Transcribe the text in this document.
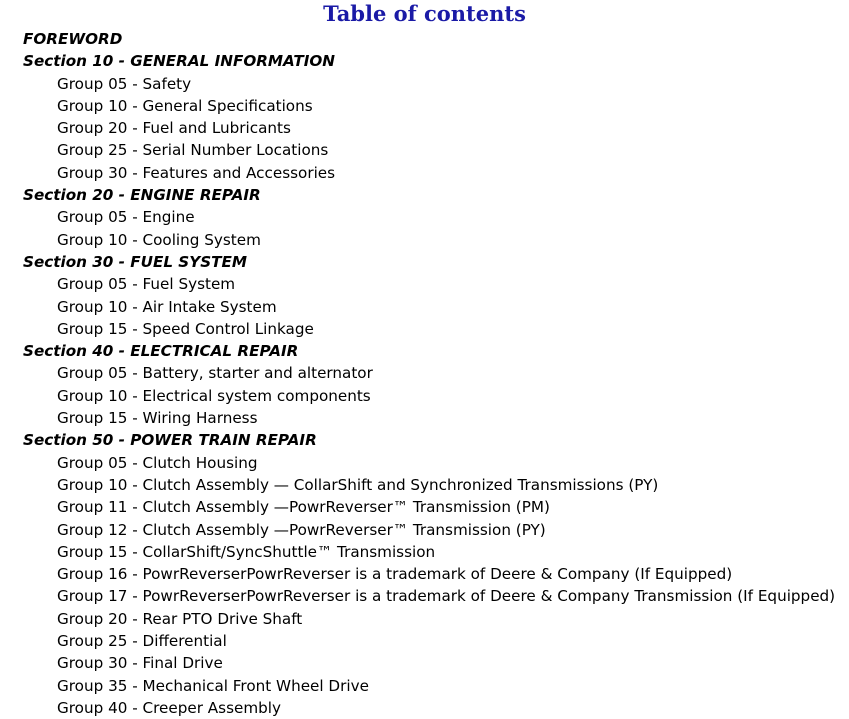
Table of contents
FOREWORD
Section 10 - GENERAL INFORMATION
Group 05 - Safety
Group 10 - General Specifications
Group 20 - Fuel and Lubricants
Group 25 - Serial Number Locations
Group 30 - Features and Accessories
Section 20 - ENGINE REPAIR
Group 05 - Engine
Group 10 - Cooling System
Section 30 - FUEL SYSTEM
Group 05 - Fuel System
Group 10 - Air Intake System
Group 15 - Speed Control Linkage
Section 40 - ELECTRICAL REPAIR
Group 05 - Battery, starter and alternator
Group 10 - Electrical system components
Group 15 - Wiring Harness
Section 50 - POWER TRAIN REPAIR
Group 05 - Clutch Housing
Group 10 - Clutch Assembly — CollarShift and Synchronized Transmissions (PY)
Group 11 - Clutch Assembly —PowrReverser™ Transmission (PM)
Group 12 - Clutch Assembly —PowrReverser™ Transmission (PY)
Group 15 - CollarShift/SyncShuttle™ Transmission
Group 16 - PowrReverserPowrReverser is a trademark of Deere & Company (If Equipped)
Group 17 - PowrReverserPowrReverser is a trademark of Deere & Company Transmission (If Equipped)
Group 20 - Rear PTO Drive Shaft
Group 25 - Differential
Group 30 - Final Drive
Group 35 - Mechanical Front Wheel Drive
Group 40 - Creeper Assembly
